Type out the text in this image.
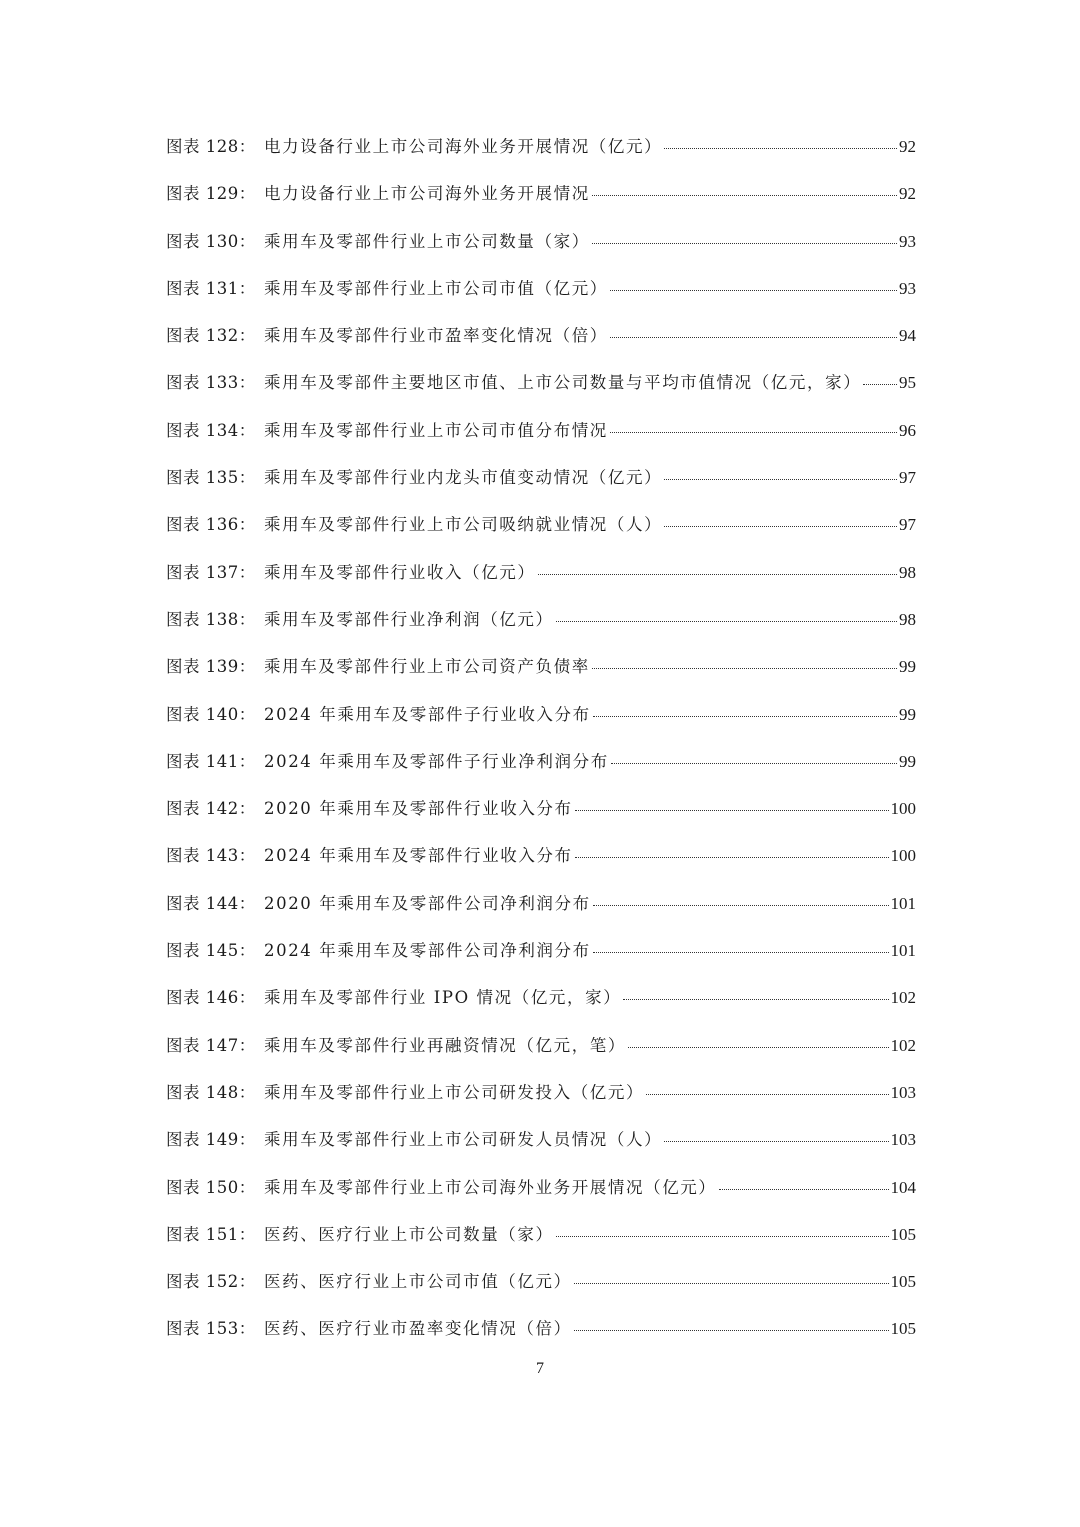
图表 128： 电力设备行业上市公司海外业务开展情况（亿元）	92
图表 129： 电力设备行业上市公司海外业务开展情况	92
图表 130： 乘用车及零部件行业上市公司数量（家）	93
图表 131： 乘用车及零部件行业上市公司市值（亿元）	93
图表 132： 乘用车及零部件行业市盈率变化情况（倍）	94
图表 133： 乘用车及零部件主要地区市值、上市公司数量与平均市值情况（亿元，家） 95
图表 134： 乘用车及零部件行业上市公司市值分布情况	96
图表 135： 乘用车及零部件行业内龙头市值变动情况（亿元）	97
图表 136： 乘用车及零部件行业上市公司吸纳就业情况（人）	97
图表 137： 乘用车及零部件行业收入（亿元）	98
图表 138： 乘用车及零部件行业净利润（亿元）	98
图表 139： 乘用车及零部件行业上市公司资产负债率	99
图表 140： 2024 年乘用车及零部件子行业收入分布	99
图表 141： 2024 年乘用车及零部件子行业净利润分布	99
图表 142： 2020 年乘用车及零部件行业收入分布	100
图表 143： 2024 年乘用车及零部件行业收入分布	100
图表 144： 2020 年乘用车及零部件公司净利润分布	101
图表 145： 2024 年乘用车及零部件公司净利润分布	101
图表 146： 乘用车及零部件行业 IPO 情况（亿元，家）	102
图表 147： 乘用车及零部件行业再融资情况（亿元，笔）	102
图表 148： 乘用车及零部件行业上市公司研发投入（亿元）	103
图表 149： 乘用车及零部件行业上市公司研发人员情况（人）	103
图表 150： 乘用车及零部件行业上市公司海外业务开展情况（亿元）	104
图表 151： 医药、医疗行业上市公司数量（家）	105
图表 152： 医药、医疗行业上市公司市值（亿元）	105
图表 153： 医药、医疗行业市盈率变化情况（倍）	105
7
